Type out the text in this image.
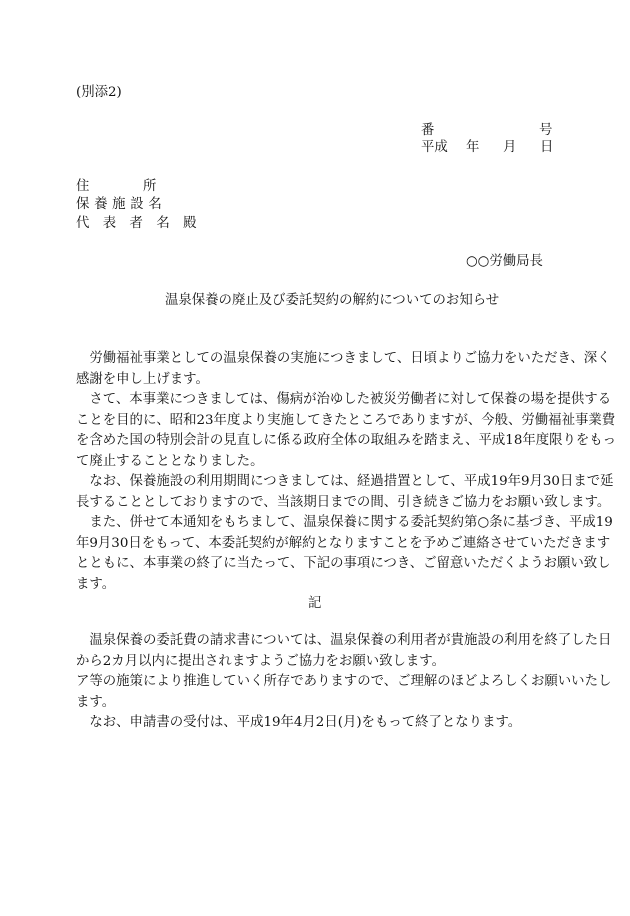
(別添2)
番	号
平成 年 月 日
住　　　　所
保養施設名
代　表　者　名　殿
○○労働局長
温泉保養の廃止及び委託契約の解約についてのお知らせ
　労働福祉事業としての温泉保養の実施につきまして、日頃よりご協力をいただき、深く
感謝を申し上げます。
　さて、本事業につきましては、傷病が治ゆした被災労働者に対して保養の場を提供する
ことを目的に、昭和23年度より実施してきたところでありますが、今般、労働福祉事業費
を含めた国の特別会計の見直しに係る政府全体の取組みを踏まえ、平成18年度限りをもっ
て廃止することとなりました。
　なお、保養施設の利用期間につきましては、経過措置として、平成19年9月30日まで延
長することとしておりますので、当該期日までの間、引き続きご協力をお願い致します。
　また、併せて本通知をもちまして、温泉保養に関する委託契約第○条に基づき、平成19
年9月30日をもって、本委託契約が解約となりますことを予めご連絡させていただきます
とともに、本事業の終了に当たって、下記の事項につき、ご留意いただくようお願い致し
ます。
記
　温泉保養の委託費の請求書については、温泉保養の利用者が貴施設の利用を終了した日
から2カ月以内に提出されますようご協力をお願い致します。
ア等の施策により推進していく所存でありますので、ご理解のほどよろしくお願いいたし
ます。
　なお、申請書の受付は、平成19年4月2日(月)をもって終了となります。
